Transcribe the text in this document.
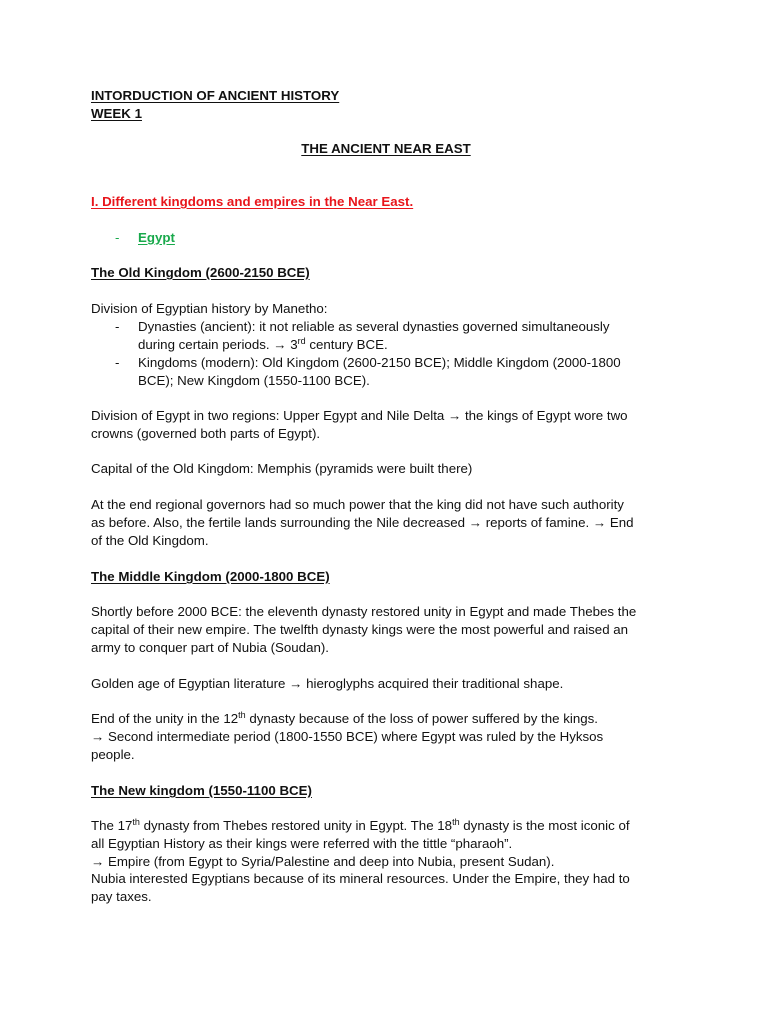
INTORDUCTION OF ANCIENT HISTORY
WEEK 1
THE ANCIENT NEAR EAST
I. Different kingdoms and empires in the Near East.
-	Egypt
The Old Kingdom (2600-2150 BCE)
Division of Egyptian history by Manetho:
-	Dynasties (ancient): it not reliable as several dynasties governed simultaneously
during certain periods. → 3rd century BCE.
-	Kingdoms (modern): Old Kingdom (2600-2150 BCE); Middle Kingdom (2000-1800
BCE); New Kingdom (1550-1100 BCE).
Division of Egypt in two regions: Upper Egypt and Nile Delta → the kings of Egypt wore two
crowns (governed both parts of Egypt).
Capital of the Old Kingdom: Memphis (pyramids were built there)
At the end regional governors had so much power that the king did not have such authority
as before. Also, the fertile lands surrounding the Nile decreased → reports of famine. → End
of the Old Kingdom.
The Middle Kingdom (2000-1800 BCE)
Shortly before 2000 BCE: the eleventh dynasty restored unity in Egypt and made Thebes the
capital of their new empire. The twelfth dynasty kings were the most powerful and raised an
army to conquer part of Nubia (Soudan).
Golden age of Egyptian literature → hieroglyphs acquired their traditional shape.
End of the unity in the 12th dynasty because of the loss of power suffered by the kings.
→ Second intermediate period (1800-1550 BCE) where Egypt was ruled by the Hyksos
people.
The New kingdom (1550-1100 BCE)
The 17th dynasty from Thebes restored unity in Egypt. The 18th dynasty is the most iconic of
all Egyptian History as their kings were referred with the tittle “pharaoh”.
→ Empire (from Egypt to Syria/Palestine and deep into Nubia, present Sudan).
Nubia interested Egyptians because of its mineral resources. Under the Empire, they had to
pay taxes.
